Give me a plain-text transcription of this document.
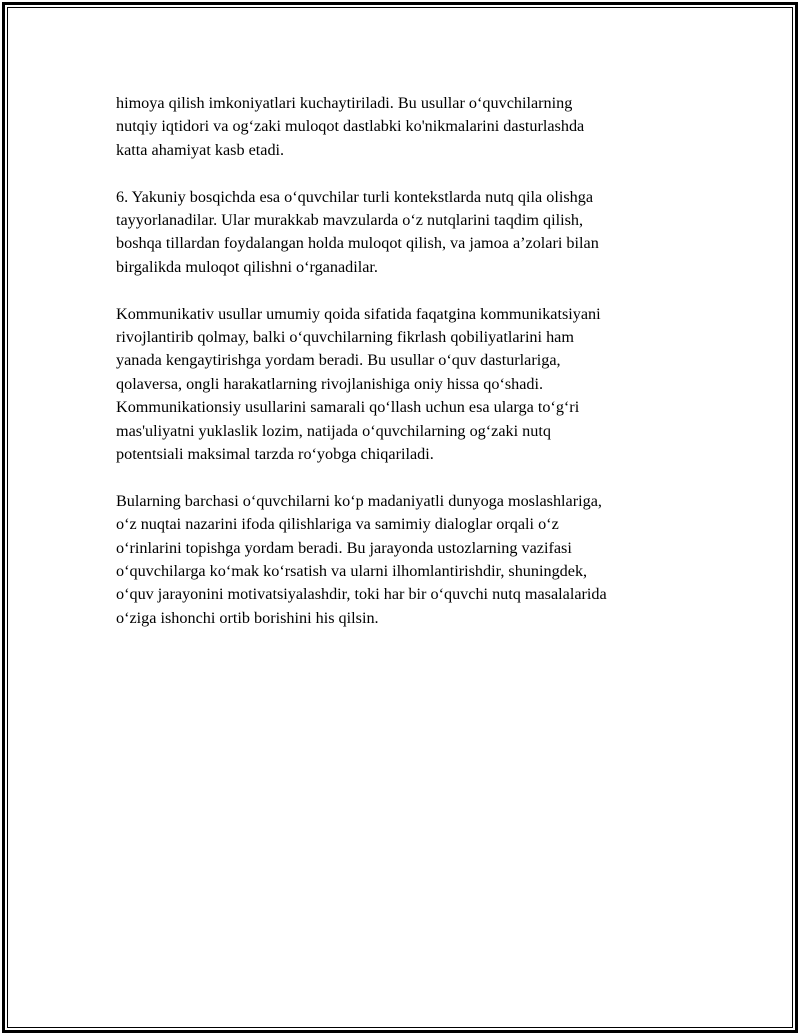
himoya qilish imkoniyatlari kuchaytiriladi. Bu usullar o‘quvchilarning
nutqiy iqtidori va og‘zaki muloqot dastlabki ko'nikmalarini dasturlashda
katta ahamiyat kasb etadi.

6. Yakuniy bosqichda esa o‘quvchilar turli kontekstlarda nutq qila olishga
tayyorlanadilar. Ular murakkab mavzularda o‘z nutqlarini taqdim qilish,
boshqa tillardan foydalangan holda muloqot qilish, va jamoa a’zolari bilan
birgalikda muloqot qilishni o‘rganadilar.

Kommunikativ usullar umumiy qoida sifatida faqatgina kommunikatsiyani
rivojlantirib qolmay, balki o‘quvchilarning fikrlash qobiliyatlarini ham
yanada kengaytirishga yordam beradi. Bu usullar o‘quv dasturlariga,
qolaversa, ongli harakatlarning rivojlanishiga oniy hissa qo‘shadi.
Kommunikationsiy usullarini samarali qo‘llash uchun esa ularga to‘g‘ri
mas'uliyatni yuklaslik lozim, natijada o‘quvchilarning og‘zaki nutq
potentsiali maksimal tarzda ro‘yobga chiqariladi.

Bularning barchasi o‘quvchilarni ko‘p madaniyatli dunyoga moslashlariga,
o‘z nuqtai nazarini ifoda qilishlariga va samimiy dialoglar orqali o‘z
o‘rinlarini topishga yordam beradi. Bu jarayonda ustozlarning vazifasi
o‘quvchilarga ko‘mak ko‘rsatish va ularni ilhomlantirishdir, shuningdek,
o‘quv jarayonini motivatsiyalashdir, toki har bir o‘quvchi nutq masalalarida
o‘ziga ishonchi ortib borishini his qilsin.
